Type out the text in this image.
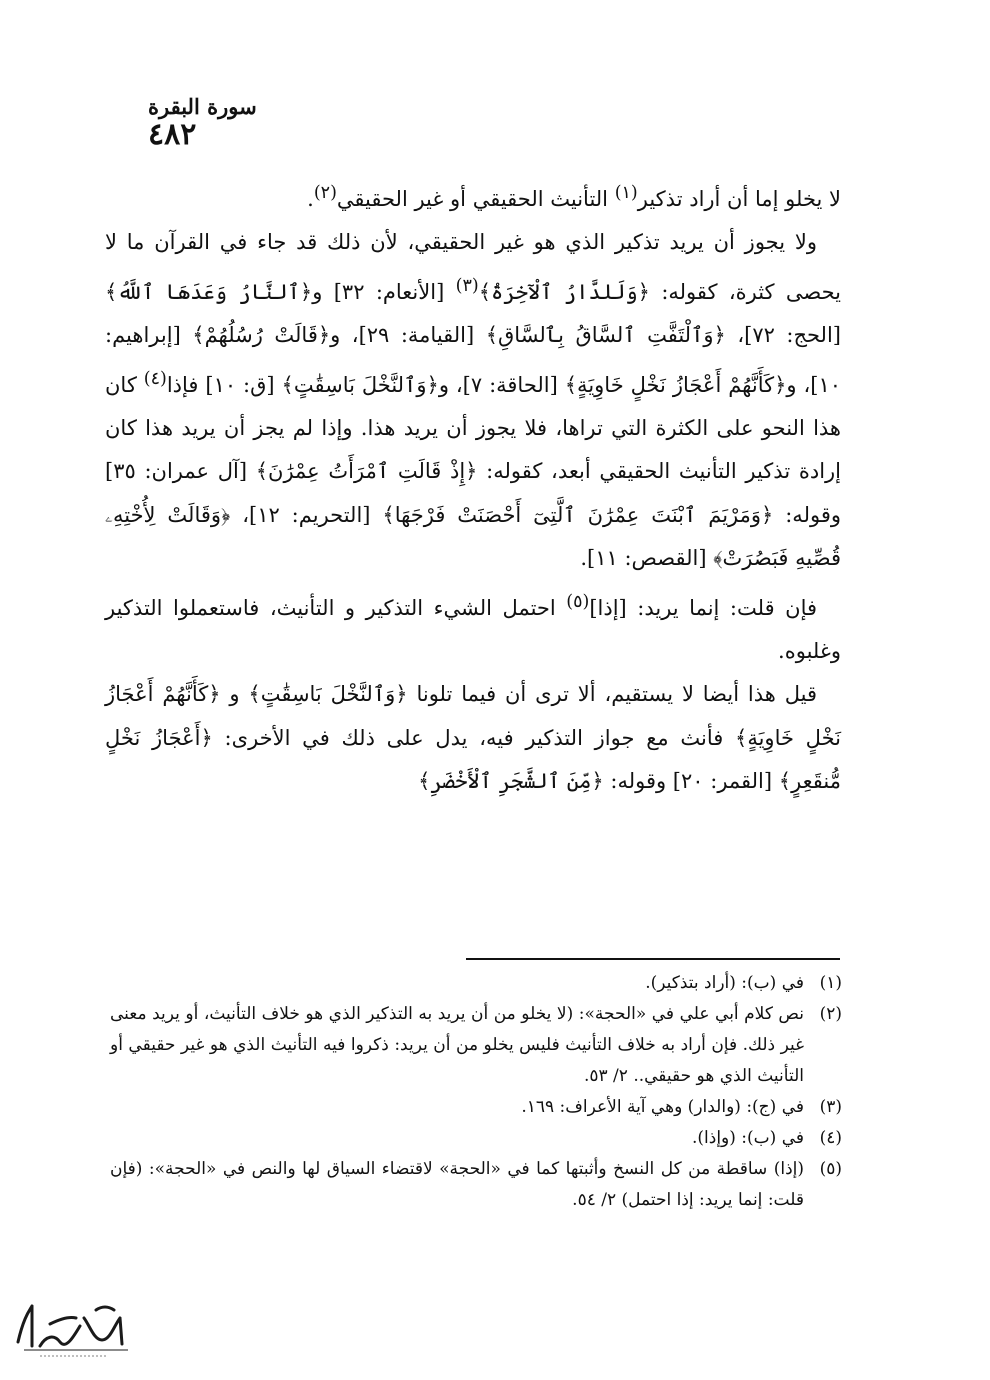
٤٨٢
سورة البقرة

لا يخلو إما أن أراد تذكير$^{(١)}$ التأنيث الحقيقي أو غير الحقيقي$^{(٢)}$.

ولا يجوز أن يريد تذكير الذي هو غير الحقيقي، لأن ذلك قد جاء في القرآن ما لا يحصى كثرة، كقوله: ﴿وَلَلدَّارُ ٱلْآخِرَةُ﴾$^{(٣)}$ [الأنعام: ٣٢] و﴿ٱلنَّارُ وَعَدَهَا ٱللَّهُ﴾ [الحج: ٧٢]، ﴿وَٱلْتَفَّتِ ٱلسَّاقُ بِٱلسَّاقِ﴾ [القيامة: ٢٩]، و﴿قَالَتْ رُسُلُهُمْ﴾ [إبراهيم: ١٠]، و﴿كَأَنَّهُمْ أَعْجَازُ نَخْلٍ خَاوِيَةٍ﴾ [الحاقة: ٧]، و﴿وَٱلنَّخْلَ بَاسِقَٰتٍ﴾ [ق: ١٠] فإذا$^{(٤)}$ كان هذا النحو على الكثرة التي تراها، فلا يجوز أن يريد هذا. وإذا لم يجز أن يريد هذا كان إرادة تذكير التأنيث الحقيقي أبعد، كقوله: ﴿إِذْ قَالَتِ ٱمْرَأَتُ عِمْرَٰنَ﴾ [آل عمران: ٣٥] وقوله: ﴿وَمَرْيَمَ ٱبْنَتَ عِمْرَٰنَ ٱلَّتِىٓ أَحْصَنَتْ فَرْجَهَا﴾ [التحريم: ١٢]، ﴿وَقَالَتْ لِأُخْتِهِۦ قُصِّيهِ فَبَصُرَتْ﴾ [القصص: ١١].

فإن قلت: إنما يريد: [إذا]$^{(٥)}$ احتمل الشيء التذكير و التأنيث، فاستعملوا التذكير وغلبوه.

قيل هذا أيضا لا يستقيم، ألا ترى أن فيما تلونا ﴿وَٱلنَّخْلَ بَاسِقَٰتٍ﴾ و ﴿كَأَنَّهُمْ أَعْجَازُ نَخْلٍ خَاوِيَةٍ﴾ فأنث مع جواز التذكير فيه، يدل على ذلك في الأخرى: ﴿أَعْجَازُ نَخْلٍ مُّنقَعِرٍ﴾ [القمر: ٢٠] وقوله: ﴿مِّنَ ٱلشَّجَرِ ٱلْأَخْضَرِ﴾

(١)
في (ب): (أراد بتذكير).
(٢)
نص كلام أبي علي في «الحجة»: (لا يخلو من أن يريد به التذكير الذي هو خلاف التأنيث، أو يريد معنى غير ذلك. فإن أراد به خلاف التأنيث فليس يخلو من أن يريد: ذكروا فيه التأنيث الذي هو غير حقيقي أو التأنيث الذي هو حقيقي.. ٢/ ٥٣.
(٣)
في (ج): (والدار) وهي آية الأعراف: ١٦٩.
(٤)
في (ب): (وإذا).
(٥)
(إذا) ساقطة من كل النسخ وأثبتها كما في «الحجة» لاقتضاء السياق لها والنص في «الحجة»: (فإن قلت: إنما يريد: إذا احتمل) ٢/ ٥٤.
